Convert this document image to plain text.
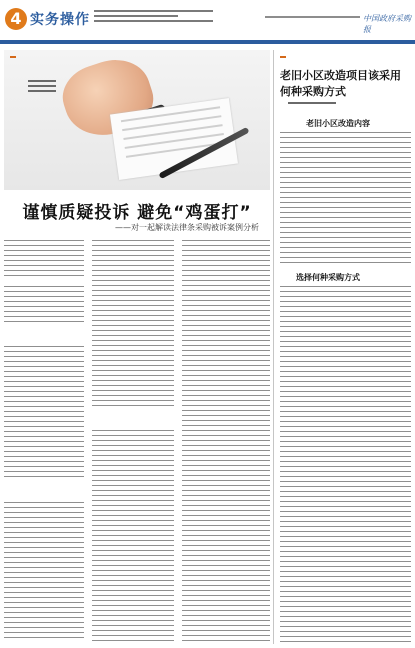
4 实务操作	中国政府采购报
谨慎质疑投诉 避免“鸡蛋打”
——对一起解读法律条采购被诉案例分析
老旧小区改造项目该采用何种采购方式
老旧小区改造内容
选择何种采购方式
